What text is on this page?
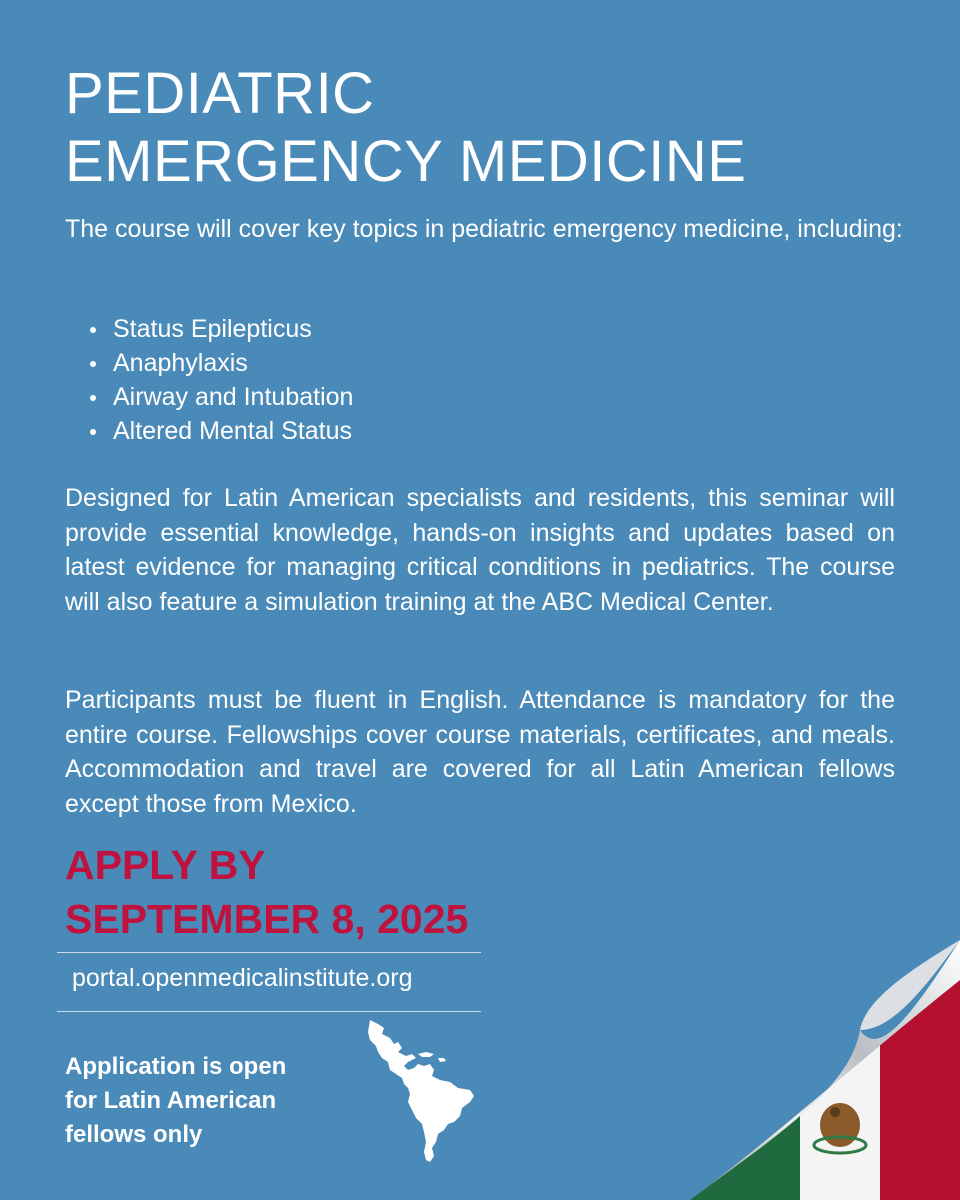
PEDIATRIC
EMERGENCY MEDICINE

The course will cover key topics in pediatric emergency medicine, including:

Status Epilepticus
Anaphylaxis
Airway and Intubation
Altered Mental Status

Designed for Latin American specialists and residents, this seminar will provide essential knowledge, hands-on insights and updates based on latest evidence for managing critical conditions in pediatrics. The course will also feature a simulation training at the ABC Medical Center.

Participants must be fluent in English. Attendance is mandatory for the entire course. Fellowships cover course materials, certificates, and meals. Accommodation and travel are covered for all Latin American fellows except those from Mexico.

APPLY BY
SEPTEMBER 8, 2025
portal.openmedicalinstitute.org
Application is open
for Latin American
fellows only
